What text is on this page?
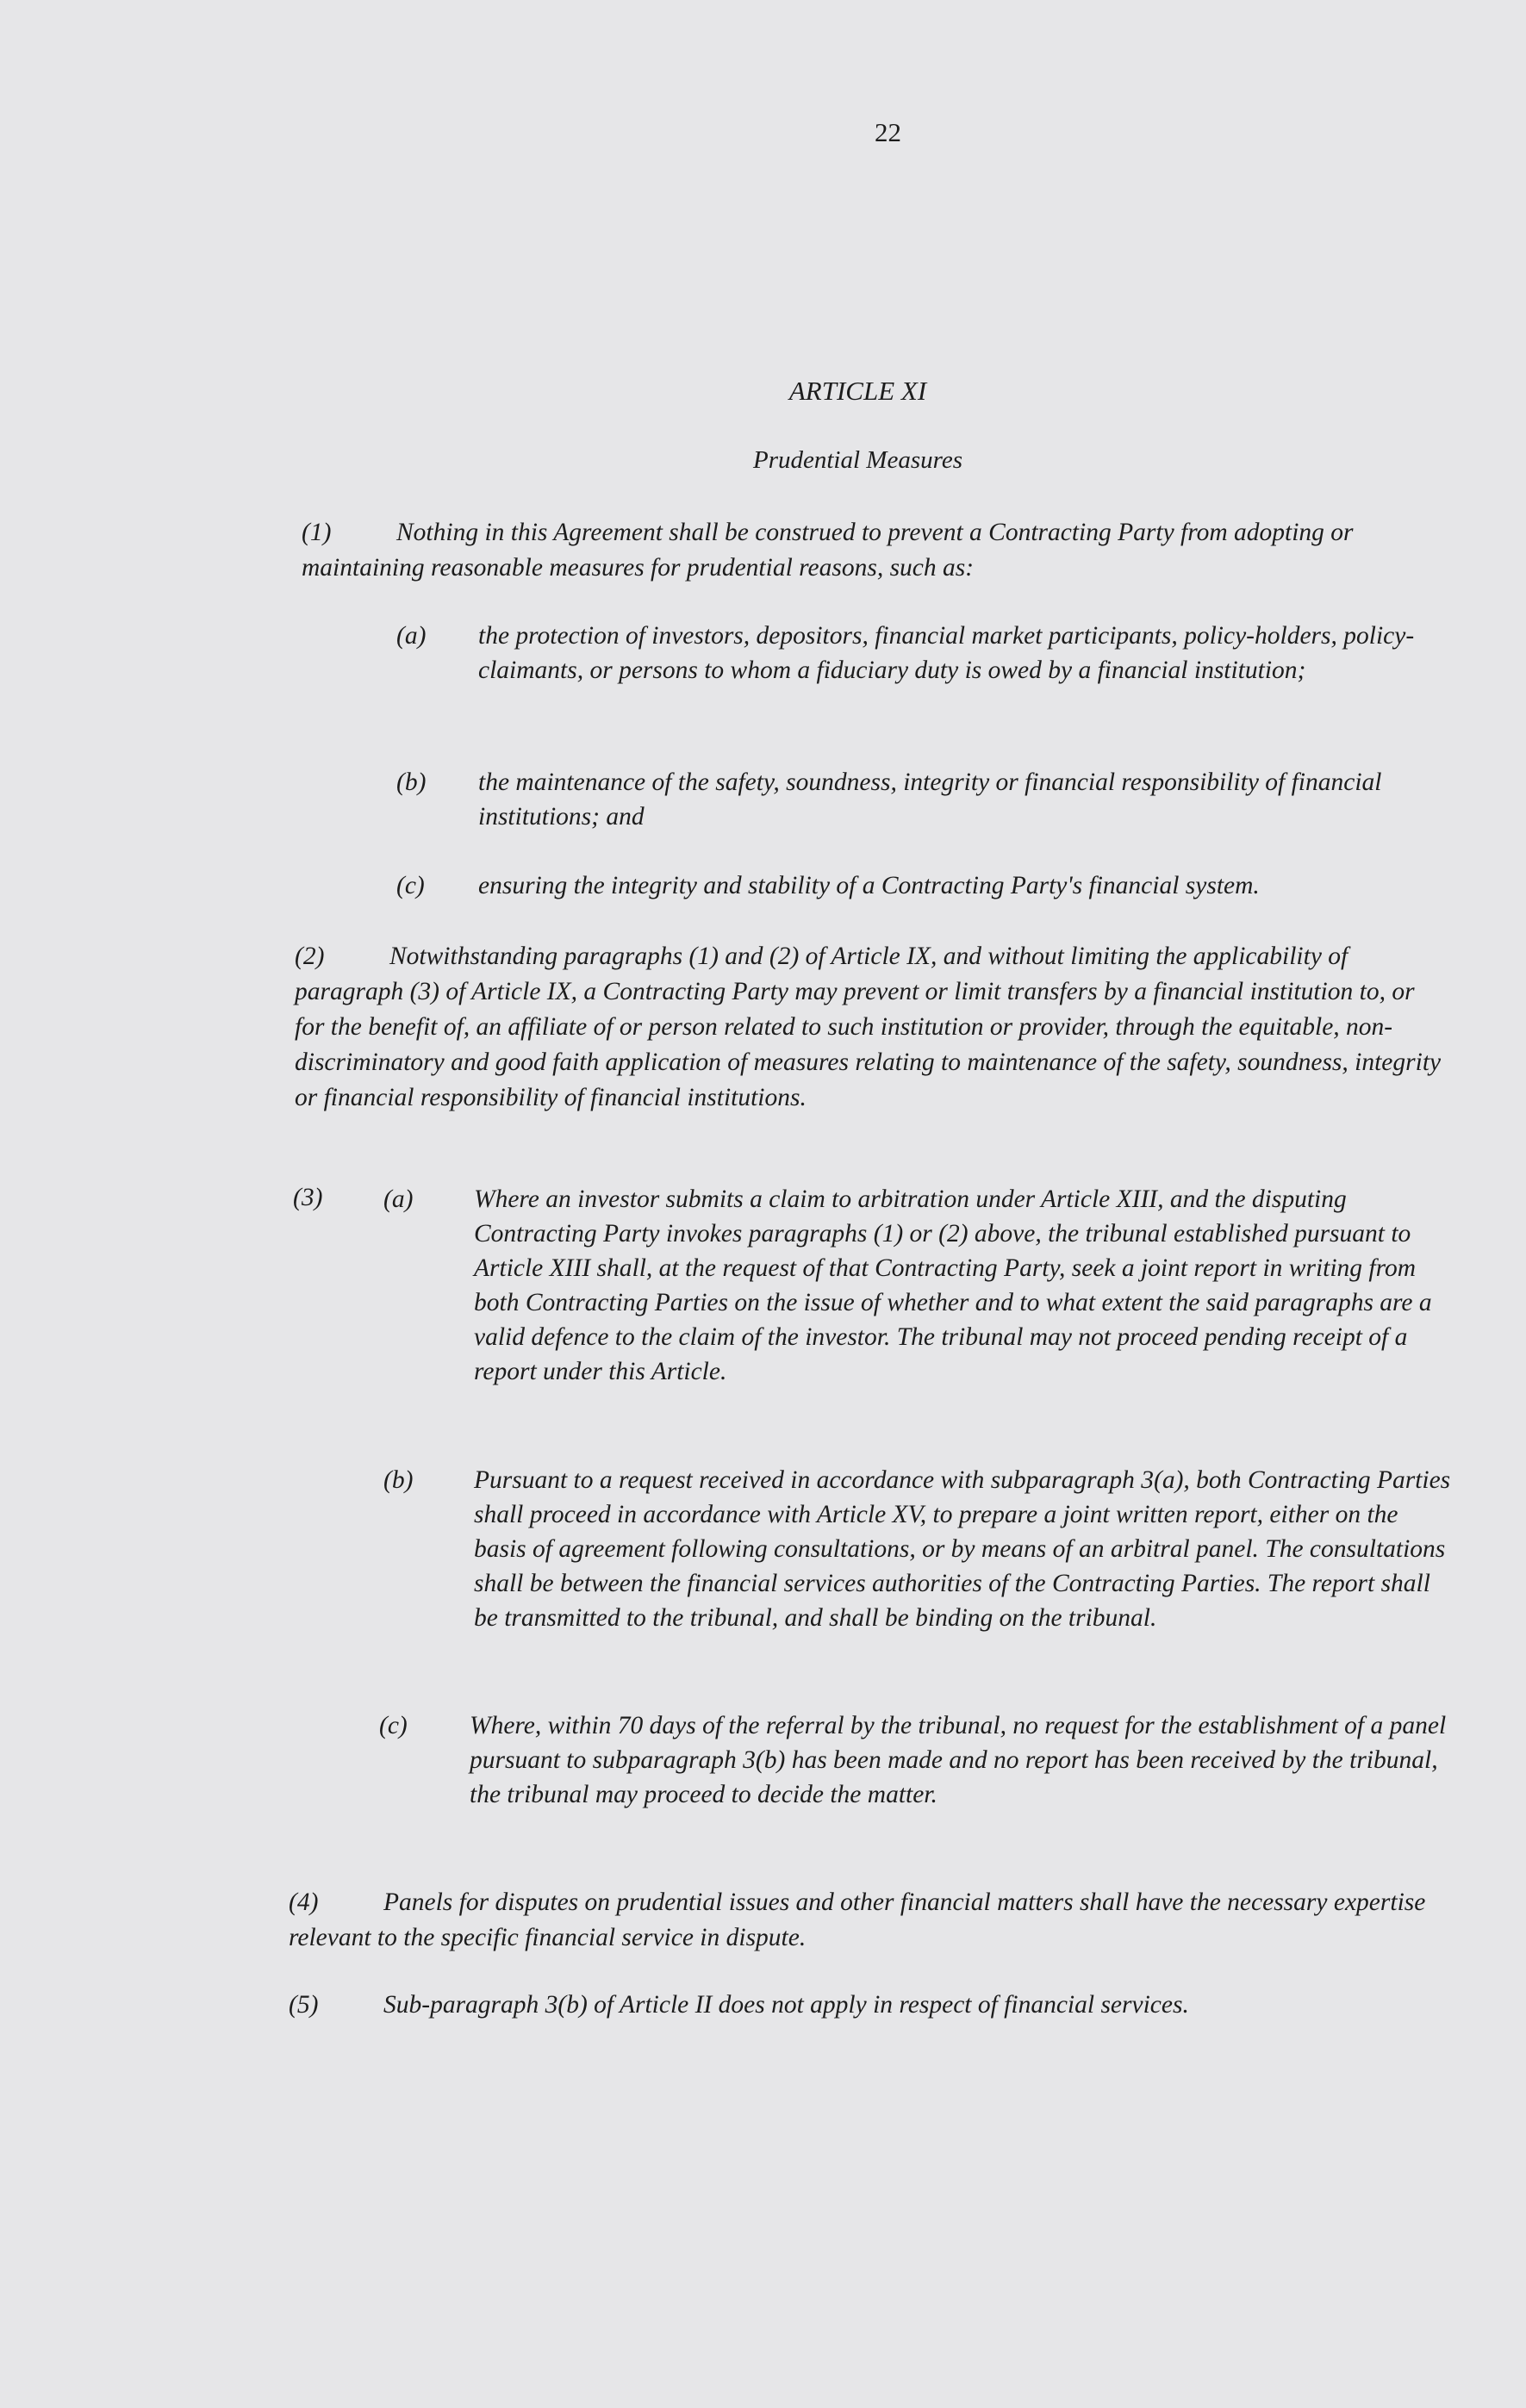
22
ARTICLE XI
Prudential Measures
(1)	Nothing in this Agreement shall be construed to prevent a Contracting Party from adopting or maintaining reasonable measures for prudential reasons, such as:
(a) the protection of investors, depositors, financial market participants, policy-holders, policy-claimants, or persons to whom a fiduciary duty is owed by a financial institution;
(b) the maintenance of the safety, soundness, integrity or financial responsibility of financial institutions; and
(c) ensuring the integrity and stability of a Contracting Party's financial system.
(2)	Notwithstanding paragraphs (1) and (2) of Article IX, and without limiting the applicability of paragraph (3) of Article IX, a Contracting Party may prevent or limit transfers by a financial institution to, or for the benefit of, an affiliate of or person related to such institution or provider, through the equitable, non-discriminatory and good faith application of measures relating to maintenance of the safety, soundness, integrity or financial responsibility of financial institutions.
(3)	(a) Where an investor submits a claim to arbitration under Article XIII, and the disputing Contracting Party invokes paragraphs (1) or (2) above, the tribunal established pursuant to Article XIII shall, at the request of that Contracting Party, seek a joint report in writing from both Contracting Parties on the issue of whether and to what extent the said paragraphs are a valid defence to the claim of the investor. The tribunal may not proceed pending receipt of a report under this Article.
(b) Pursuant to a request received in accordance with subparagraph 3(a), both Contracting Parties shall proceed in accordance with Article XV, to prepare a joint written report, either on the basis of agreement following consultations, or by means of an arbitral panel. The consultations shall be between the financial services authorities of the Contracting Parties. The report shall be transmitted to the tribunal, and shall be binding on the tribunal.
(c) Where, within 70 days of the referral by the tribunal, no request for the establishment of a panel pursuant to subparagraph 3(b) has been made and no report has been received by the tribunal, the tribunal may proceed to decide the matter.
(4)	Panels for disputes on prudential issues and other financial matters shall have the necessary expertise relevant to the specific financial service in dispute.
(5)	Sub-paragraph 3(b) of Article II does not apply in respect of financial services.
